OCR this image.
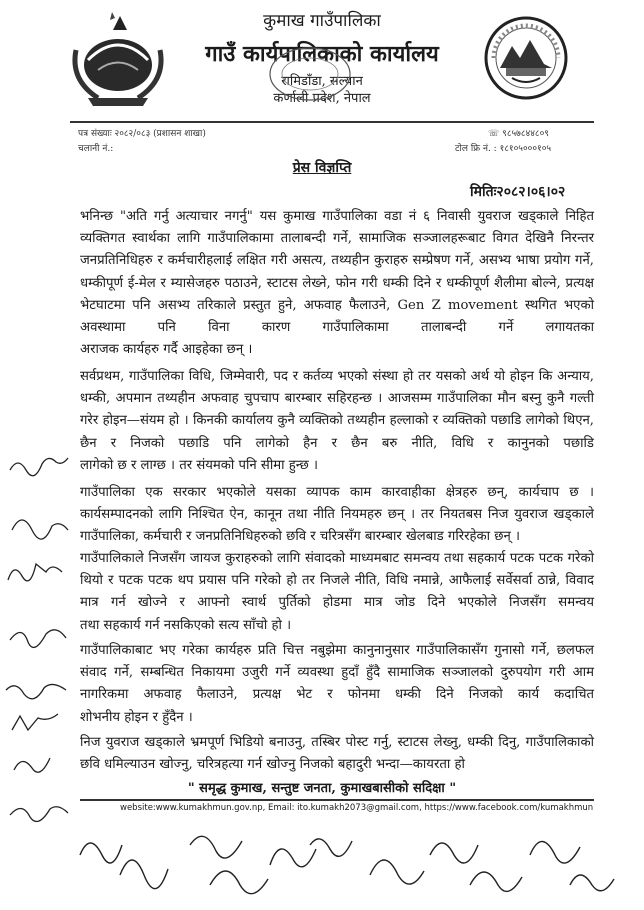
कुमाख गाउँपालिका
गाउँ कार्यपालिकाको कार्यालय
रामिडाँडा, सल्यान
कर्णाली प्रदेश, नेपाल
पत्र संख्याः २०८२/०८३ (प्रशासन शाखा)
चलानी नं.:
☏ ९८५७८४४८०९
टोल फ्रि नं. : १८१०५०००१०५
प्रेस विज्ञप्ति
मितिः२०८२।०६।०२
भनिन्छ "अति गर्नु अत्याचार नगर्नु" यस कुमाख गाउँपालिका वडा नं ६ निवासी युवराज खड्काले निहित व्यक्तिगत स्वार्थका लागि गाउँपालिकामा तालाबन्दी गर्ने, सामाजिक सञ्जालहरूबाट विगत देखिनै निरन्तर जनप्रतिनिधिहरु र कर्मचारीहलाई लक्षित गरी असत्य, तथ्यहीन कुराहरु सम्प्रेषण गर्ने, असभ्य भाषा प्रयोग गर्ने, धम्कीपूर्ण ई-मेल र म्यासेजहरु पठाउने, स्टाटस लेख्ने, फोन गरी धम्की दिने र धम्कीपूर्ण शैलीमा बोल्ने, प्रत्यक्ष भेटघाटमा पनि असभ्य तरिकाले प्रस्तुत हुने, अफवाह फैलाउने, Gen Z movement स्थगित भएको अवस्थामा पनि विना कारण गाउँपालिकामा तालाबन्दी गर्ने लगायतका
अराजक कार्यहरु गर्दै आइहेका छन् ।
सर्वप्रथम, गाउँपालिका विधि, जिम्मेवारी, पद र कर्तव्य भएको संस्था हो तर यसको अर्थ यो होइन कि अन्याय, धम्की, अपमान तथ्यहीन अफवाह चुपचाप बारम्बार सहिरहन्छ । आजसम्म गाउँपालिका मौन बस्नु कुनै गल्ती गरेर होइन—संयम हो । किनकी कार्यालय कुनै व्यक्तिको तथ्यहीन हल्लाको र व्यक्तिको पछाडि लागेको थिएन, छैन र निजको पछाडि पनि लागेको हैन र छैन बरु नीति, विधि र कानुनको पछाडि
लागेको छ र लाग्छ । तर संयमको पनि सीमा हुन्छ ।
गाउँपालिका एक सरकार भएकोले यसका व्यापक काम कारवाहीका क्षेत्रहरु छन्, कार्यचाप छ । कार्यसम्पादनको लागि निश्चित ऐन, कानून तथा नीति नियमहरु छन् । तर नियतबस निज युवराज खड्काले गाउँपालिका, कर्मचारी र जनप्रतिनिधिहरुको छवि र चरित्रसँग बारम्बार खेलबाड गरिरहेका छन् ।
गाउँपालिकाले निजसँग जायज कुराहरुको लागि संवादको माध्यमबाट समन्वय तथा सहकार्य पटक पटक गरेको थियो र पटक पटक थप प्रयास पनि गरेको हो तर निजले नीति, विधि नमान्ने, आफैलाई सर्वेसर्वा ठान्ने, विवाद मात्र गर्न खोज्ने र आफ्नो स्वार्थ पुर्तिको होडमा मात्र जोड दिने भएकोले निजसँग समन्वय
तथा सहकार्य गर्न नसकिएको सत्य साँचो हो ।
गाउँपालिकाबाट भए गरेका कार्यहरु प्रति चित्त नबुझेमा कानुनानुसार गाउँपालिकासँग गुनासो गर्ने, छलफल संवाद गर्ने, सम्बन्धित निकायमा उजुरी गर्ने व्यवस्था हुदाँ हुँदै सामाजिक सञ्जालको दुरुपयोग गरी आम नागरिकमा अफवाह फैलाउने, प्रत्यक्ष भेट र फोनमा धम्की दिने निजको कार्य कदाचित
शोभनीय होइन र हुँदैन ।
निज युवराज खड्काले भ्रमपूर्ण भिडियो बनाउनु, तस्बिर पोस्ट गर्नु, स्टाटस लेख्नु, धम्की दिनु, गाउँपालिकाको छवि धमिल्याउन खोज्नु, चरित्रहत्या गर्न खोज्नु निजको बहादुरी भन्दा—कायरता हो
" समृद्ध कुमाख, सन्तुष्ट जनता, कुमाखबासीको सदिक्षा "
website:www.kumakhmun.gov.np, Email: ito.kumakh2073@gmail.com, https://www.facebook.com/kumakhmun
